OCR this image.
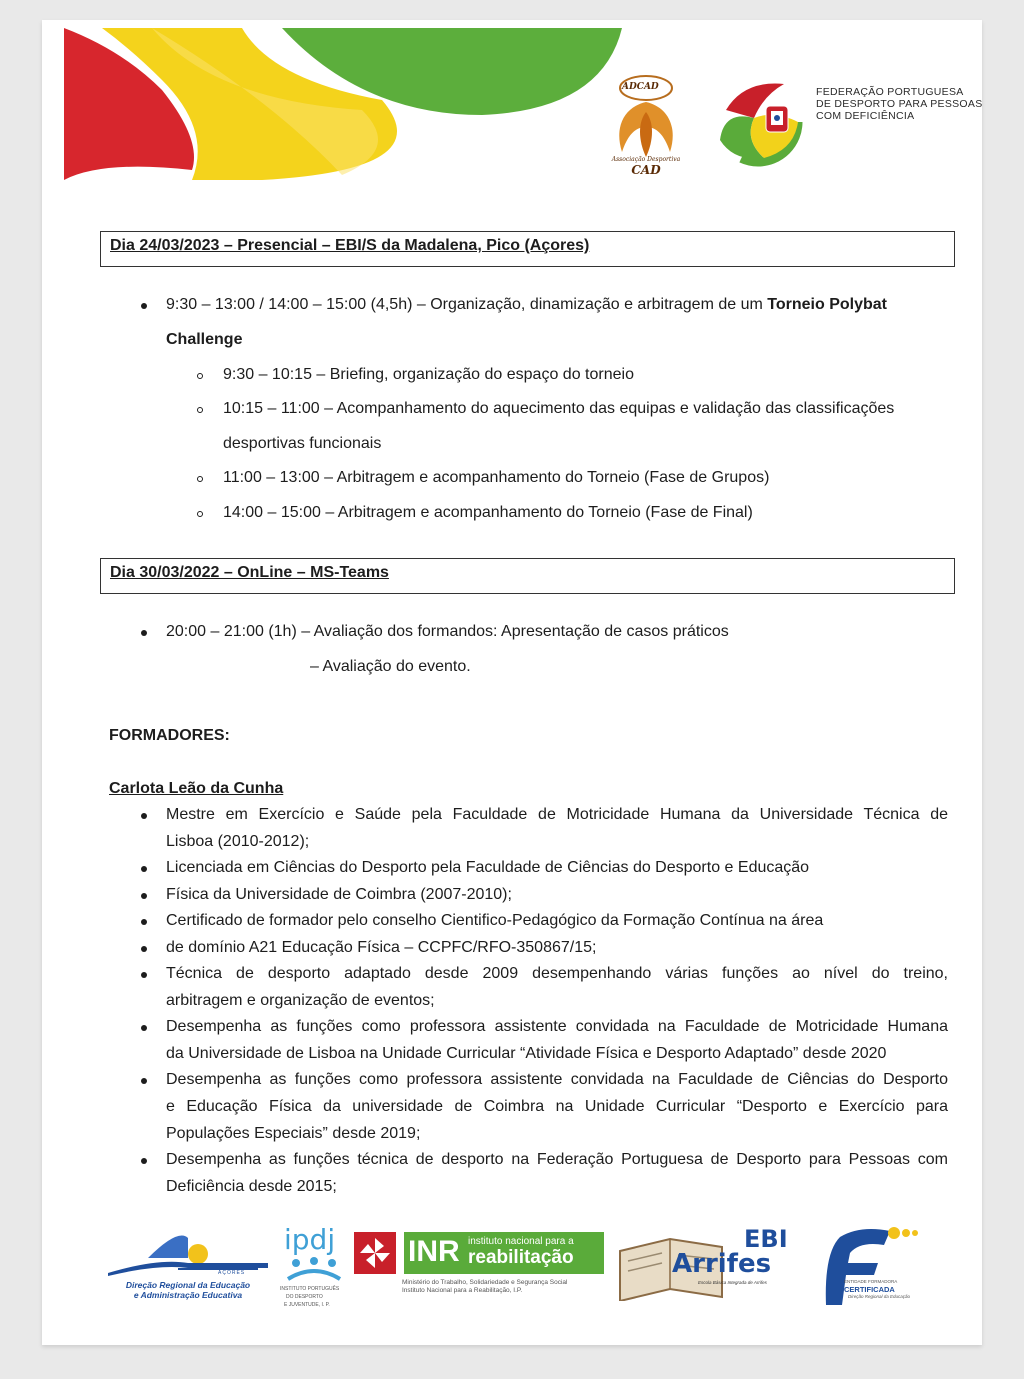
ADCAD
Associação Desportiva
CAD
FEDERAÇÃO PORTUGUESA
DE DESPORTO PARA PESSOAS
COM DEFICIÊNCIA
Dia 24/03/2023 – Presencial – EBI/S da Madalena, Pico (Açores)
9:30 – 13:00 / 14:00 – 15:00 (4,5h) – Organização, dinamização e arbitragem de um Torneio Polybat
Challenge
9:30 – 10:15 – Briefing, organização do espaço do torneio
10:15 – 11:00 – Acompanhamento do aquecimento das equipas e validação das classificações
desportivas funcionais
11:00 – 13:00 – Arbitragem e acompanhamento do Torneio (Fase de Grupos)
14:00 – 15:00 – Arbitragem e acompanhamento do Torneio (Fase de Final)
Dia 30/03/2022 – OnLine – MS-Teams
20:00 – 21:00 (1h) – Avaliação dos formandos: Apresentação de casos práticos
– Avaliação do evento.
FORMADORES:
Carlota Leão da Cunha
Mestre em Exercício e Saúde pela Faculdade de Motricidade Humana da Universidade Técnica de
Lisboa (2010-2012);
Licenciada em Ciências do Desporto pela Faculdade de Ciências do Desporto e Educação
Física da Universidade de Coimbra (2007-2010);
Certificado de formador pelo conselho Cientifico-Pedagógico da Formação Contínua na área
de domínio A21 Educação Física – CCPFC/RFO-350867/15;
Técnica de desporto adaptado desde 2009 desempenhando várias funções ao nível do treino,
arbitragem e organização de eventos;
Desempenha as funções como professora assistente convidada na Faculdade de Motricidade Humana
da Universidade de Lisboa na Unidade Curricular “Atividade Física e Desporto Adaptado” desde 2020
Desempenha as funções como professora assistente convidada na Faculdade de Ciências do Desporto
e Educação Física da universidade de Coimbra na Unidade Curricular “Desporto e Exercício para
Populações Especiais” desde 2019;
Desempenha as funções técnica de desporto na Federação Portuguesa de Desporto para Pessoas com
Deficiência desde 2015;
AÇORES
Direção Regional da Educação
e Administração Educativa
ipdj
INSTITUTO PORTUGUÊS
DO DESPORTO
E JUVENTUDE, I. P.
INR instituto nacional para a
reabilitação
Ministério do Trabalho, Solidariedade e Segurança Social
Instituto Nacional para a Reabilitação, I.P.
EBI
Arrifes
Escola Básica Integrada de Arrifes	ENTIDADE FORMADORA
CERTIFICADA
Direção Regional da Educação
